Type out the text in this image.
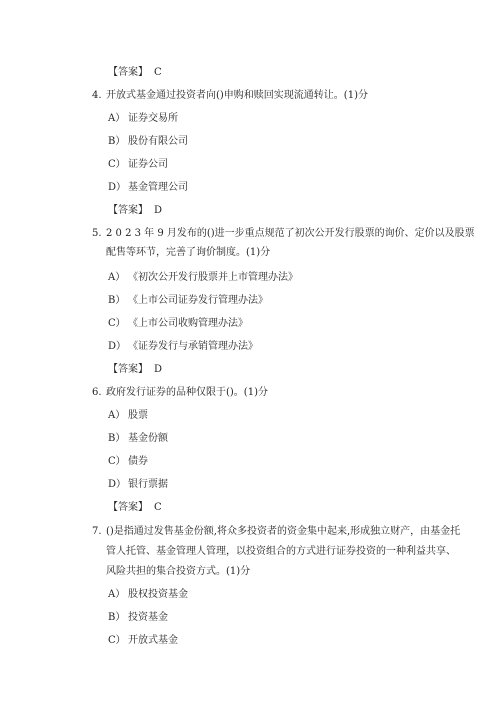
【答案】 C
4. 开放式基金通过投资者向()申购和赎回实现流通转让。(1)分
A） 证券交易所
B） 股份有限公司
C） 证券公司
D） 基金管理公司
【答案】 D
5. 2 0 2 3 年 9 月发布的()进一步重点规范了初次公开发行股票的询价、定价以及股票
配售等环节，完善了询价制度。(1)分
A） 《初次公开发行股票并上市管理办法》
B） 《上市公司证券发行管理办法》
C） 《上市公司收购管理办法》
D） 《证券发行与承销管理办法》
【答案】 D
6. 政府发行证券的品种仅限于()。(1)分
A） 股票
B） 基金份额
C） 债券
D） 银行票据
【答案】 C
7. ()是指通过发售基金份额,将众多投资者的资金集中起来,形成独立财产，由基金托
管人托管、基金管理人管理，以投资组合的方式进行证券投资的一种利益共享、
风险共担的集合投资方式。(1)分
A） 股权投资基金
B） 投资基金
C） 开放式基金
